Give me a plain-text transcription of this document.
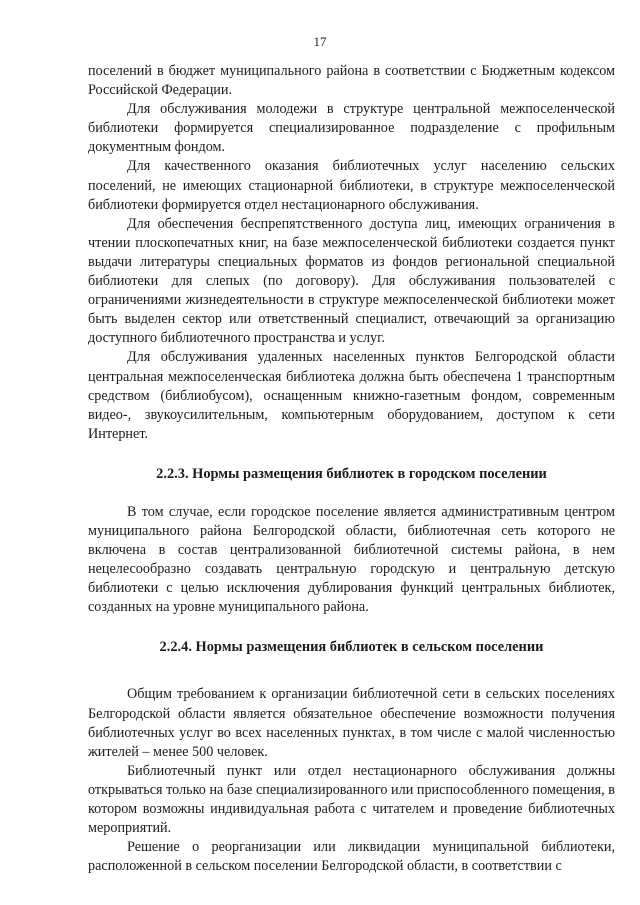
17

поселений в бюджет муниципального района в соответствии с Бюджетным кодексом Российской Федерации.

Для обслуживания молодежи в структуре центральной межпоселенческой библиотеки формируется специализированное подразделение с профильным документным фондом.

Для качественного оказания библиотечных услуг населению сельских поселений, не имеющих стационарной библиотеки, в структуре межпоселенческой библиотеки формируется отдел нестационарного обслуживания.

Для обеспечения беспрепятственного доступа лиц, имеющих ограничения в чтении плоскопечатных книг, на базе межпоселенческой библиотеки создается пункт выдачи литературы специальных форматов из фондов региональной специальной библиотеки для слепых (по договору). Для обслуживания пользователей с ограничениями жизнедеятельности в структуре межпоселенческой библиотеки может быть выделен сектор или ответственный специалист, отвечающий за организацию доступного библиотечного пространства и услуг.

Для обслуживания удаленных населенных пунктов Белгородской области центральная межпоселенческая библиотека должна быть обеспечена 1 транспортным средством (библиобусом), оснащенным книжно-газетным фондом, современным видео-, звукоусилительным, компьютерным оборудованием, доступом к сети Интернет.

2.2.3. Нормы размещения библиотек в городском поселении

В том случае, если городское поселение является административным центром муниципального района Белгородской области, библиотечная сеть которого не включена в состав централизованной библиотечной системы района, в нем нецелесообразно создавать центральную городскую и центральную детскую библиотеки с целью исключения дублирования функций центральных библиотек, созданных на уровне муниципального района.

2.2.4. Нормы размещения библиотек в сельском поселении

Общим требованием к организации библиотечной сети в сельских поселениях Белгородской области является обязательное обеспечение возможности получения библиотечных услуг во всех населенных пунктах, в том числе с малой численностью жителей – менее 500 человек.

Библиотечный пункт или отдел нестационарного обслуживания должны открываться только на базе специализированного или приспособленного помещения, в котором возможны индивидуальная работа с читателем и проведение библиотечных мероприятий.

Решение о реорганизации или ликвидации муниципальной библиотеки, расположенной в сельском поселении Белгородской области, в соответствии с
